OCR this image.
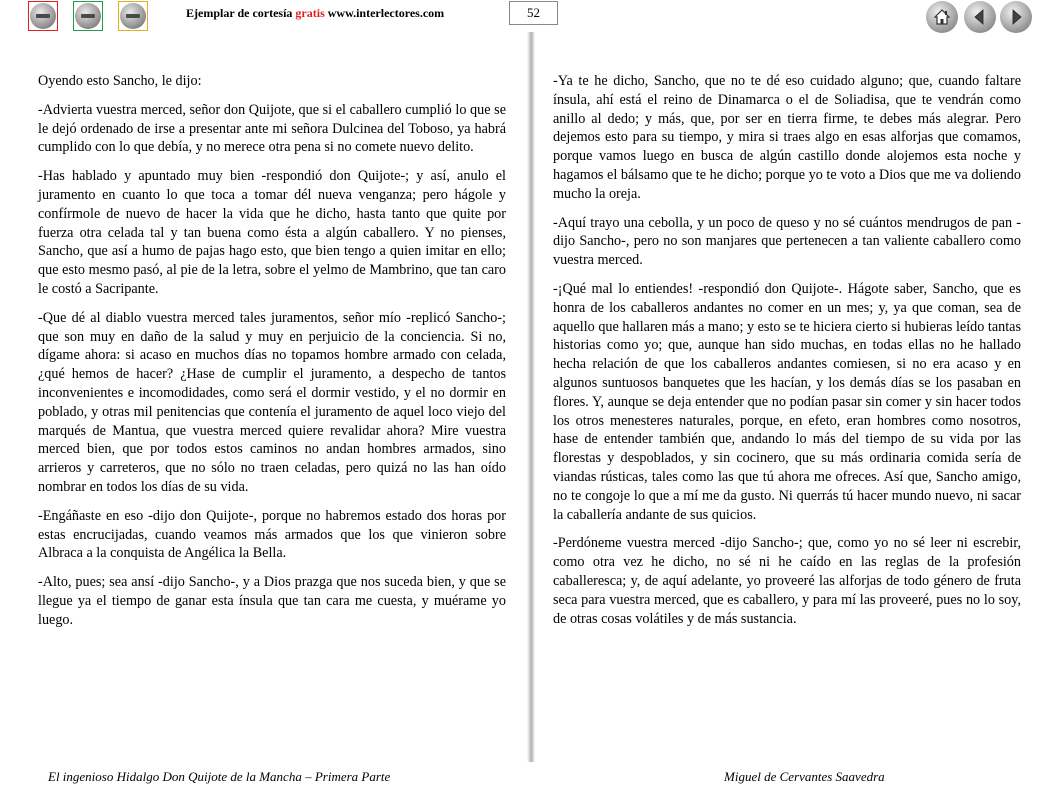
Ejemplar de cortesía gratis www.interlectores.com	52

Oyendo esto Sancho, le dijo:

-Advierta vuestra merced, señor don Quijote, que si el caballero cumplió lo que se le dejó ordenado de irse a presentar ante mi señora Dulcinea del Toboso, ya habrá cumplido con lo que debía, y no merece otra pena si no comete nuevo delito.

-Has hablado y apuntado muy bien -respondió don Quijote-; y así, anulo el juramento en cuanto lo que toca a tomar dél nueva venganza; pero hágole y confírmole de nuevo de hacer la vida que he dicho, hasta tanto que quite por fuerza otra celada tal y tan buena como ésta a algún caballero. Y no pienses, Sancho, que así a humo de pajas hago esto, que bien tengo a quien imitar en ello; que esto mesmo pasó, al pie de la letra, sobre el yelmo de Mambrino, que tan caro le costó a Sacripante.

-Que dé al diablo vuestra merced tales juramentos, señor mío -replicó Sancho-; que son muy en daño de la salud y muy en perjuicio de la conciencia. Si no, dígame ahora: si acaso en muchos días no topamos hombre armado con celada, ¿qué hemos de hacer? ¿Hase de cumplir el juramento, a despecho de tantos inconvenientes e incomodidades, como será el dormir vestido, y el no dormir en poblado, y otras mil penitencias que contenía el juramento de aquel loco viejo del marqués de Mantua, que vuestra merced quiere revalidar ahora? Mire vuestra merced bien, que por todos estos caminos no andan hombres armados, sino arrieros y carreteros, que no sólo no traen celadas, pero quizá no las han oído nombrar en todos los días de su vida.

-Engáñaste en eso -dijo don Quijote-, porque no habremos estado dos horas por estas encrucijadas, cuando veamos más armados que los que vinieron sobre Albraca a la conquista de Angélica la Bella.

-Alto, pues; sea ansí -dijo Sancho-, y a Dios prazga que nos suceda bien, y que se llegue ya el tiempo de ganar esta ínsula que tan cara me cuesta, y muérame yo luego.

-Ya te he dicho, Sancho, que no te dé eso cuidado alguno; que, cuando faltare ínsula, ahí está el reino de Dinamarca o el de Soliadisa, que te vendrán como anillo al dedo; y más, que, por ser en tierra firme, te debes más alegrar. Pero dejemos esto para su tiempo, y mira si traes algo en esas alforjas que comamos, porque vamos luego en busca de algún castillo donde alojemos esta noche y hagamos el bálsamo que te he dicho; porque yo te voto a Dios que me va doliendo mucho la oreja.

-Aquí trayo una cebolla, y un poco de queso y no sé cuántos mendrugos de pan -dijo Sancho-, pero no son manjares que pertenecen a tan valiente caballero como vuestra merced.

-¡Qué mal lo entiendes! -respondió don Quijote-. Hágote saber, Sancho, que es honra de los caballeros andantes no comer en un mes; y, ya que coman, sea de aquello que hallaren más a mano; y esto se te hiciera cierto si hubieras leído tantas historias como yo; que, aunque han sido muchas, en todas ellas no he hallado hecha relación de que los caballeros andantes comiesen, si no era acaso y en algunos suntuosos banquetes que les hacían, y los demás días se los pasaban en flores. Y, aunque se deja entender que no podían pasar sin comer y sin hacer todos los otros menesteres naturales, porque, en efeto, eran hombres como nosotros, hase de entender también que, andando lo más del tiempo de su vida por las florestas y despoblados, y sin cocinero, que su más ordinaria comida sería de viandas rústicas, tales como las que tú ahora me ofreces. Así que, Sancho amigo, no te congoje lo que a mí me da gusto. Ni querrás tú hacer mundo nuevo, ni sacar la caballería andante de sus quicios.

-Perdóneme vuestra merced -dijo Sancho-; que, como yo no sé leer ni escrebir, como otra vez he dicho, no sé ni he caído en las reglas de la profesión caballeresca; y, de aquí adelante, yo proveeré las alforjas de todo género de fruta seca para vuestra merced, que es caballero, y para mí las proveeré, pues no lo soy, de otras cosas volátiles y de más sustancia.

El ingenioso Hidalgo Don Quijote de la Mancha – Primera Parte	Miguel de Cervantes Saavedra
